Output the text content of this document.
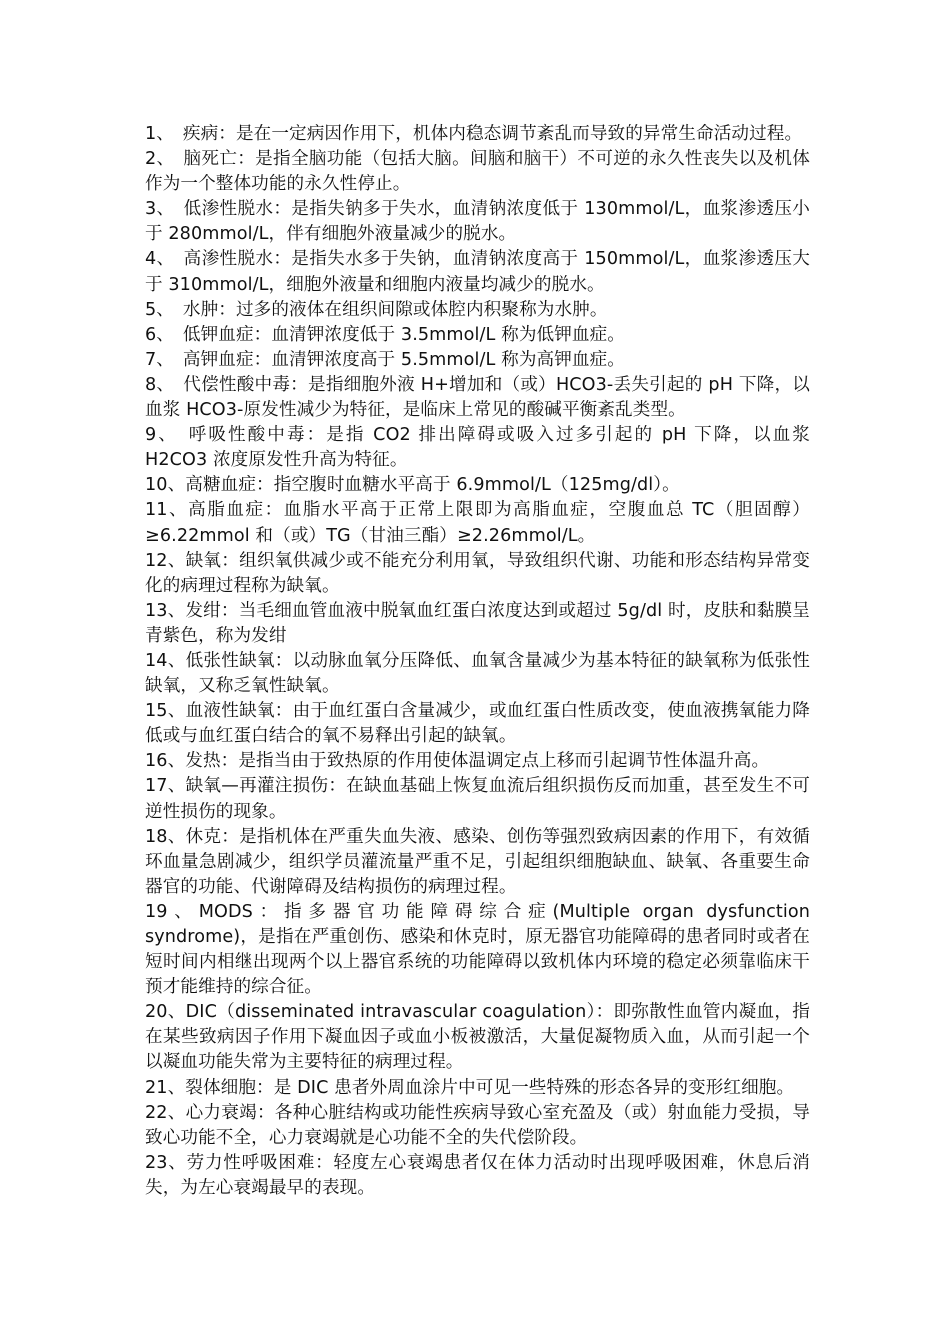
1、　疾病：是在一定病因作用下，机体内稳态调节紊乱而导致的异常生命活动过程。

2、　脑死亡：是指全脑功能（包括大脑。间脑和脑干）不可逆的永久性丧失以及机体作为一个整体功能的永久性停止。

3、　低渗性脱水：是指失钠多于失水，血清钠浓度低于 130mmol/L，血浆渗透压小于 280mmol/L，伴有细胞外液量减少的脱水。

4、　高渗性脱水：是指失水多于失钠，血清钠浓度高于 150mmol/L，血浆渗透压大于 310mmol/L，细胞外液量和细胞内液量均减少的脱水。

5、　水肿：过多的液体在组织间隙或体腔内积聚称为水肿。

6、　低钾血症：血清钾浓度低于 3.5mmol/L 称为低钾血症。

7、　高钾血症：血清钾浓度高于 5.5mmol/L 称为高钾血症。

8、　代偿性酸中毒：是指细胞外液 H+增加和（或）HCO3-丢失引起的 pH 下降，以血浆 HCO3-原发性减少为特征，是临床上常见的酸碱平衡紊乱类型。

9、　呼吸性酸中毒：是指 CO2 排出障碍或吸入过多引起的 pH 下降，以血浆 H2CO3 浓度原发性升高为特征。

10、高糖血症：指空腹时血糖水平高于 6.9mmol/L（125mg/dl）。

11、高脂血症：血脂水平高于正常上限即为高脂血症，空腹血总 TC（胆固醇）≥6.22mmol 和（或）TG（甘油三酯）≥2.26mmol/L。

12、缺氧：组织氧供减少或不能充分利用氧，导致组织代谢、功能和形态结构异常变化的病理过程称为缺氧。

13、发绀：当毛细血管血液中脱氧血红蛋白浓度达到或超过 5g/dl 时，皮肤和黏膜呈青紫色，称为发绀

14、低张性缺氧：以动脉血氧分压降低、血氧含量减少为基本特征的缺氧称为低张性缺氧，又称乏氧性缺氧。

15、血液性缺氧：由于血红蛋白含量减少，或血红蛋白性质改变，使血液携氧能力降低或与血红蛋白结合的氧不易释出引起的缺氧。

16、发热：是指当由于致热原的作用使体温调定点上移而引起调节性体温升高。

17、缺氧—再灌注损伤：在缺血基础上恢复血流后组织损伤反而加重，甚至发生不可逆性损伤的现象。

18、休克：是指机体在严重失血失液、感染、创伤等强烈致病因素的作用下，有效循环血量急剧减少，组织学员灌流量严重不足，引起组织细胞缺血、缺氧、各重要生命器官的功能、代谢障碍及结构损伤的病理过程。

19、MODS：指多器官功能障碍综合症(Multiple organ dysfunction syndrome)，是指在严重创伤、感染和休克时，原无器官功能障碍的患者同时或者在短时间内相继出现两个以上器官系统的功能障碍以致机体内环境的稳定必须靠临床干预才能维持的综合征。

20、DIC（disseminated intravascular coagulation）：即弥散性血管内凝血，指在某些致病因子作用下凝血因子或血小板被激活，大量促凝物质入血，从而引起一个以凝血功能失常为主要特征的病理过程。

21、裂体细胞：是 DIC 患者外周血涂片中可见一些特殊的形态各异的变形红细胞。

22、心力衰竭：各种心脏结构或功能性疾病导致心室充盈及（或）射血能力受损，导致心功能不全，心力衰竭就是心功能不全的失代偿阶段。

23、劳力性呼吸困难：轻度左心衰竭患者仅在体力活动时出现呼吸困难，休息后消失，为左心衰竭最早的表现。
